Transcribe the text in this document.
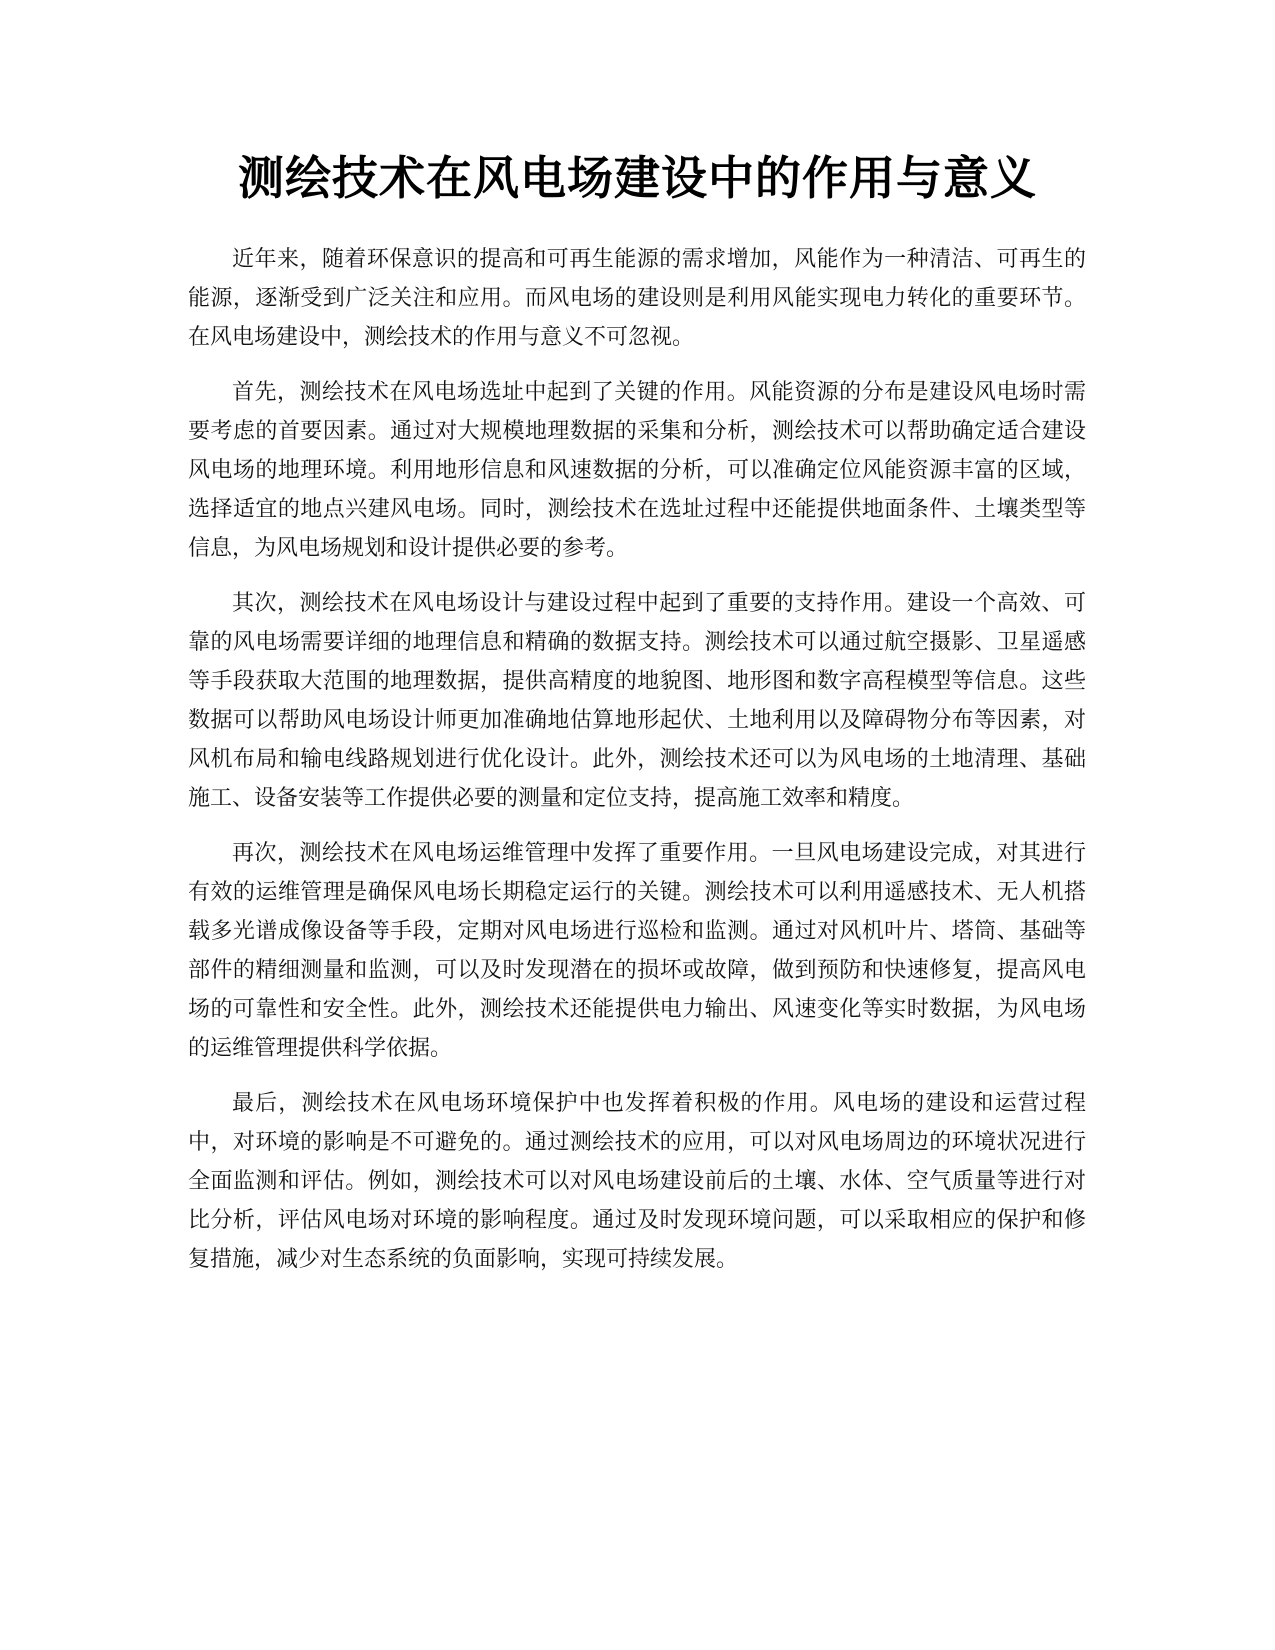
测绘技术在风电场建设中的作用与意义

近年来，随着环保意识的提高和可再生能源的需求增加，风能作为一种清洁、可再生的能源，逐渐受到广泛关注和应用。而风电场的建设则是利用风能实现电力转化的重要环节。在风电场建设中，测绘技术的作用与意义不可忽视。

首先，测绘技术在风电场选址中起到了关键的作用。风能资源的分布是建设风电场时需要考虑的首要因素。通过对大规模地理数据的采集和分析，测绘技术可以帮助确定适合建设风电场的地理环境。利用地形信息和风速数据的分析，可以准确定位风能资源丰富的区域，选择适宜的地点兴建风电场。同时，测绘技术在选址过程中还能提供地面条件、土壤类型等信息，为风电场规划和设计提供必要的参考。

其次，测绘技术在风电场设计与建设过程中起到了重要的支持作用。建设一个高效、可靠的风电场需要详细的地理信息和精确的数据支持。测绘技术可以通过航空摄影、卫星遥感等手段获取大范围的地理数据，提供高精度的地貌图、地形图和数字高程模型等信息。这些数据可以帮助风电场设计师更加准确地估算地形起伏、土地利用以及障碍物分布等因素，对风机布局和输电线路规划进行优化设计。此外，测绘技术还可以为风电场的土地清理、基础施工、设备安装等工作提供必要的测量和定位支持，提高施工效率和精度。

再次，测绘技术在风电场运维管理中发挥了重要作用。一旦风电场建设完成，对其进行有效的运维管理是确保风电场长期稳定运行的关键。测绘技术可以利用遥感技术、无人机搭载多光谱成像设备等手段，定期对风电场进行巡检和监测。通过对风机叶片、塔筒、基础等部件的精细测量和监测，可以及时发现潜在的损坏或故障，做到预防和快速修复，提高风电场的可靠性和安全性。此外，测绘技术还能提供电力输出、风速变化等实时数据，为风电场的运维管理提供科学依据。

最后，测绘技术在风电场环境保护中也发挥着积极的作用。风电场的建设和运营过程中，对环境的影响是不可避免的。通过测绘技术的应用，可以对风电场周边的环境状况进行全面监测和评估。例如，测绘技术可以对风电场建设前后的土壤、水体、空气质量等进行对比分析，评估风电场对环境的影响程度。通过及时发现环境问题，可以采取相应的保护和修复措施，减少对生态系统的负面影响，实现可持续发展。
